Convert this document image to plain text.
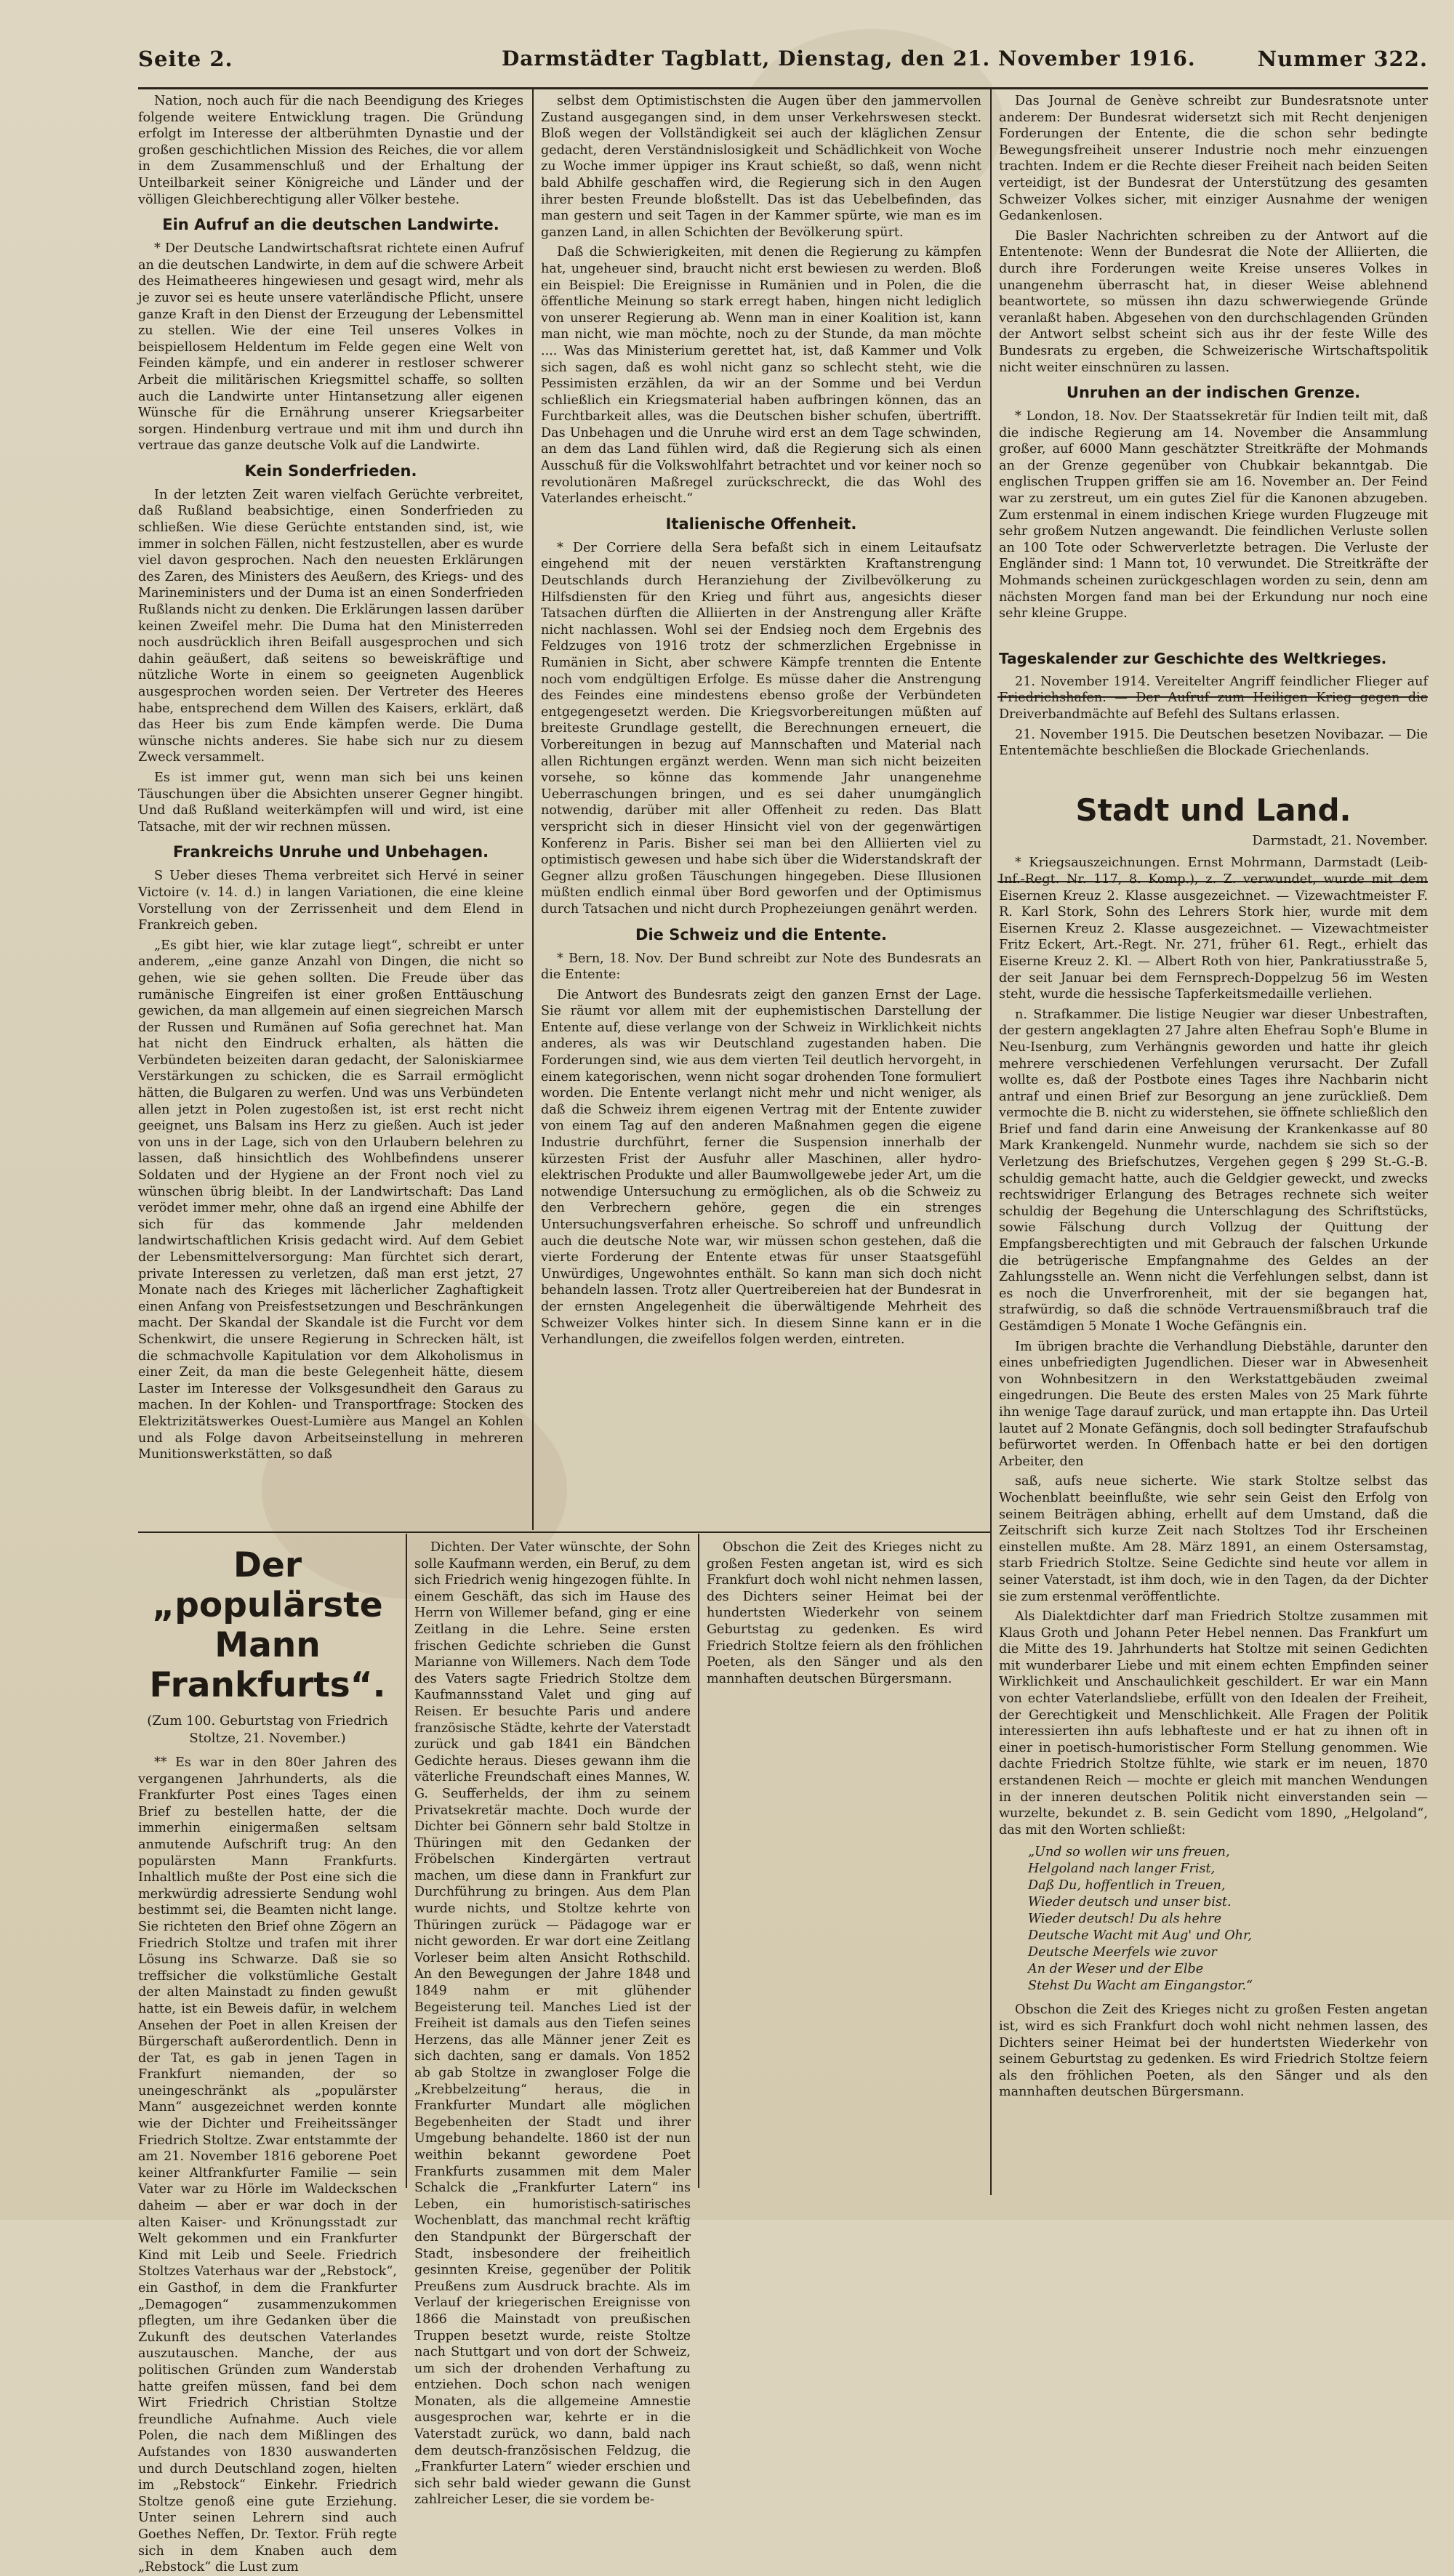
Seite 2.	Darmstädter Tagblatt, Dienstag, den 21. November 1916.	Nummer 322.

Nation, noch auch für die nach Beendigung des Krieges folgende weitere Entwicklung tragen. Die Gründung erfolgt im Interesse der altberühmten Dynastie und der großen geschichtlichen Mission des Reiches, die vor allem in dem Zusammenschluß und der Erhaltung der Unteilbarkeit seiner Königreiche und Länder und der völligen Gleichberechtigung aller Völker bestehe.

Ein Aufruf an die deutschen Landwirte.

* Der Deutsche Landwirtschaftsrat richtete einen Aufruf an die deutschen Landwirte, in dem auf die schwere Arbeit des Heimatheeres hingewiesen und gesagt wird, mehr als je zuvor sei es heute unsere vaterländische Pflicht, unsere ganze Kraft in den Dienst der Erzeugung der Lebensmittel zu stellen. Wie der eine Teil unseres Volkes in beispiellosem Heldentum im Felde gegen eine Welt von Feinden kämpfe, und ein anderer in restloser schwerer Arbeit die militärischen Kriegsmittel schaffe, so sollten auch die Landwirte unter Hintansetzung aller eigenen Wünsche für die Ernährung unserer Kriegsarbeiter sorgen. Hindenburg vertraue und mit ihm und durch ihn vertraue das ganze deutsche Volk auf die Landwirte.

Kein Sonderfrieden.

In der letzten Zeit waren vielfach Gerüchte verbreitet, daß Rußland beabsichtige, einen Sonderfrieden zu schließen. Wie diese Gerüchte entstanden sind, ist, wie immer in solchen Fällen, nicht festzustellen, aber es wurde viel davon gesprochen. Nach den neuesten Erklärungen des Zaren, des Ministers des Aeußern, des Kriegs- und des Marineministers und der Duma ist an einen Sonderfrieden Rußlands nicht zu denken. Die Erklärungen lassen darüber keinen Zweifel mehr. Die Duma hat den Ministerreden noch ausdrücklich ihren Beifall ausgesprochen und sich dahin geäußert, daß seitens so beweiskräftige und nützliche Worte in einem so geeigneten Augenblick ausgesprochen worden seien. Der Vertreter des Heeres habe, entsprechend dem Willen des Kaisers, erklärt, daß das Heer bis zum Ende kämpfen werde. Die Duma wünsche nichts anderes. Sie habe sich nur zu diesem Zweck versammelt.

Es ist immer gut, wenn man sich bei uns keinen Täuschungen über die Absichten unserer Gegner hingibt. Und daß Rußland weiterkämpfen will und wird, ist eine Tatsache, mit der wir rechnen müssen.

Frankreichs Unruhe und Unbehagen.

S Ueber dieses Thema verbreitet sich Hervé in seiner Victoire (v. 14. d.) in langen Variationen, die eine kleine Vorstellung von der Zerrissenheit und dem Elend in Frankreich geben.

„Es gibt hier, wie klar zutage liegt“, schreibt er unter anderem, „eine ganze Anzahl von Dingen, die nicht so gehen, wie sie gehen sollten. Die Freude über das rumänische Eingreifen ist einer großen Enttäuschung gewichen, da man allgemein auf einen siegreichen Marsch der Russen und Rumänen auf Sofia gerechnet hat. Man hat nicht den Eindruck erhalten, als hätten die Verbündeten beizeiten daran gedacht, der Saloniskiarmee Verstärkungen zu schicken, die es Sarrail ermöglicht hätten, die Bulgaren zu werfen. Und was uns Verbündeten allen jetzt in Polen zugestoßen ist, ist erst recht nicht geeignet, uns Balsam ins Herz zu gießen. Auch ist jeder von uns in der Lage, sich von den Urlaubern belehren zu lassen, daß hinsichtlich des Wohlbefindens unserer Soldaten und der Hygiene an der Front noch viel zu wünschen übrig bleibt. In der Landwirtschaft: Das Land verödet immer mehr, ohne daß an irgend eine Abhilfe der sich für das kommende Jahr meldenden landwirtschaftlichen Krisis gedacht wird. Auf dem Gebiet der Lebensmittelversorgung: Man fürchtet sich derart, private Interessen zu verletzen, daß man erst jetzt, 27 Monate nach des Krieges mit lächerlicher Zaghaftigkeit einen Anfang von Preisfestsetzungen und Beschränkungen macht. Der Skandal der Skandale ist die Furcht vor dem Schenkwirt, die unsere Regierung in Schrecken hält, ist die schmachvolle Kapitulation vor dem Alkoholismus in einer Zeit, da man die beste Gelegenheit hätte, diesem Laster im Interesse der Volksgesundheit den Garaus zu machen. In der Kohlen- und Transportfrage: Stocken des Elektrizitätswerkes Ouest-Lumière aus Mangel an Kohlen und als Folge davon Arbeitseinstellung in mehreren Munitionswerkstätten, so daß

selbst dem Optimistischsten die Augen über den jammervollen Zustand ausgegangen sind, in dem unser Verkehrswesen steckt. Bloß wegen der Vollständigkeit sei auch der kläglichen Zensur gedacht, deren Verständnislosigkeit und Schädlichkeit von Woche zu Woche immer üppiger ins Kraut schießt, so daß, wenn nicht bald Abhilfe geschaffen wird, die Regierung sich in den Augen ihrer besten Freunde bloßstellt. Das ist das Uebelbefinden, das man gestern und seit Tagen in der Kammer spürte, wie man es im ganzen Land, in allen Schichten der Bevölkerung spürt.

Daß die Schwierigkeiten, mit denen die Regierung zu kämpfen hat, ungeheuer sind, braucht nicht erst bewiesen zu werden. Bloß ein Beispiel: Die Ereignisse in Rumänien und in Polen, die die öffentliche Meinung so stark erregt haben, hingen nicht lediglich von unserer Regierung ab. Wenn man in einer Koalition ist, kann man nicht, wie man möchte, noch zu der Stunde, da man möchte .... Was das Ministerium gerettet hat, ist, daß Kammer und Volk sich sagen, daß es wohl nicht ganz so schlecht steht, wie die Pessimisten erzählen, da wir an der Somme und bei Verdun schließlich ein Kriegsmaterial haben aufbringen können, das an Furchtbarkeit alles, was die Deutschen bisher schufen, übertrifft. Das Unbehagen und die Unruhe wird erst an dem Tage schwinden, an dem das Land fühlen wird, daß die Regierung sich als einen Ausschuß für die Volkswohlfahrt betrachtet und vor keiner noch so revolutionären Maßregel zurückschreckt, die das Wohl des Vaterlandes erheischt.“

Italienische Offenheit.

* Der Corriere della Sera befaßt sich in einem Leitaufsatz eingehend mit der neuen verstärkten Kraftanstrengung Deutschlands durch Heranziehung der Zivilbevölkerung zu Hilfsdiensten für den Krieg und führt aus, angesichts dieser Tatsachen dürften die Alliierten in der Anstrengung aller Kräfte nicht nachlassen. Wohl sei der Endsieg noch dem Ergebnis des Feldzuges von 1916 trotz der schmerzlichen Ergebnisse in Rumänien in Sicht, aber schwere Kämpfe trennten die Entente noch vom endgültigen Erfolge. Es müsse daher die Anstrengung des Feindes eine mindestens ebenso große der Verbündeten entgegengesetzt werden. Die Kriegsvorbereitungen müßten auf breiteste Grundlage gestellt, die Berechnungen erneuert, die Vorbereitungen in bezug auf Mannschaften und Material nach allen Richtungen ergänzt werden. Wenn man sich nicht beizeiten vorsehe, so könne das kommende Jahr unangenehme Ueberraschungen bringen, und es sei daher unumgänglich notwendig, darüber mit aller Offenheit zu reden. Das Blatt verspricht sich in dieser Hinsicht viel von der gegenwärtigen Konferenz in Paris. Bisher sei man bei den Alliierten viel zu optimistisch gewesen und habe sich über die Widerstandskraft der Gegner allzu großen Täuschungen hingegeben. Diese Illusionen müßten endlich einmal über Bord geworfen und der Optimismus durch Tatsachen und nicht durch Prophezeiungen genährt werden.

Die Schweiz und die Entente.

* Bern, 18. Nov. Der Bund schreibt zur Note des Bundesrats an die Entente:

Die Antwort des Bundesrats zeigt den ganzen Ernst der Lage. Sie räumt vor allem mit der euphemistischen Darstellung der Entente auf, diese verlange von der Schweiz in Wirklichkeit nichts anderes, als was wir Deutschland zugestanden haben. Die Forderungen sind, wie aus dem vierten Teil deutlich hervorgeht, in einem kategorischen, wenn nicht sogar drohenden Tone formuliert worden. Die Entente verlangt nicht mehr und nicht weniger, als daß die Schweiz ihrem eigenen Vertrag mit der Entente zuwider von einem Tag auf den anderen Maßnahmen gegen die eigene Industrie durchführt, ferner die Suspension innerhalb der kürzesten Frist der Ausfuhr aller Maschinen, aller hydro-elektrischen Produkte und aller Baumwollgewebe jeder Art, um die notwendige Untersuchung zu ermöglichen, als ob die Schweiz zu den Verbrechern gehöre, gegen die ein strenges Untersuchungsverfahren erheische. So schroff und unfreundlich auch die deutsche Note war, wir müssen schon gestehen, daß die vierte Forderung der Entente etwas für unser Staatsgefühl Unwürdiges, Ungewohntes enthält. So kann man sich doch nicht behandeln lassen. Trotz aller Quertreibereien hat der Bundesrat in der ernsten Angelegenheit die überwältigende Mehrheit des Schweizer Volkes hinter sich. In diesem Sinne kann er in die Verhandlungen, die zweifellos folgen werden, eintreten.

Das Journal de Genève schreibt zur Bundesratsnote unter anderem: Der Bundesrat widersetzt sich mit Recht denjenigen Forderungen der Entente, die die schon sehr bedingte Bewegungsfreiheit unserer Industrie noch mehr einzuengen trachten. Indem er die Rechte dieser Freiheit nach beiden Seiten verteidigt, ist der Bundesrat der Unterstützung des gesamten Schweizer Volkes sicher, mit einziger Ausnahme der wenigen Gedankenlosen.

Die Basler Nachrichten schreiben zu der Antwort auf die Ententenote: Wenn der Bundesrat die Note der Alliierten, die durch ihre Forderungen weite Kreise unseres Volkes in unangenehm überrascht hat, in dieser Weise ablehnend beantwortete, so müssen ihn dazu schwerwiegende Gründe veranlaßt haben. Abgesehen von den durchschlagenden Gründen der Antwort selbst scheint sich aus ihr der feste Wille des Bundesrats zu ergeben, die Schweizerische Wirtschaftspolitik nicht weiter einschnüren zu lassen.

Unruhen an der indischen Grenze.

* London, 18. Nov. Der Staatssekretär für Indien teilt mit, daß die indische Regierung am 14. November die Ansammlung großer, auf 6000 Mann geschätzter Streitkräfte der Mohmands an der Grenze gegenüber von Chubkair bekanntgab. Die englischen Truppen griffen sie am 16. November an. Der Feind war zu zerstreut, um ein gutes Ziel für die Kanonen abzugeben. Zum erstenmal in einem indischen Kriege wurden Flugzeuge mit sehr großem Nutzen angewandt. Die feindlichen Verluste sollen an 100 Tote oder Schwerverletzte betragen. Die Verluste der Engländer sind: 1 Mann tot, 10 verwundet. Die Streitkräfte der Mohmands scheinen zurückgeschlagen worden zu sein, denn am nächsten Morgen fand man bei der Erkundung nur noch eine sehr kleine Gruppe.

Tageskalender zur Geschichte des Weltkrieges.

21. November 1914. Vereitelter Angriff feindlicher Flieger auf Friedrichshafen. — Der Aufruf zum Heiligen Krieg gegen die Dreiverbandmächte auf Befehl des Sultans erlassen.

21. November 1915. Die Deutschen besetzen Novibazar. — Die Ententemächte beschließen die Blockade Griechenlands.

Stadt und Land.
Darmstadt, 21. November.

* Kriegsauszeichnungen. Ernst Mohrmann, Darmstadt (Leib-Inf.-Regt. Nr. 117, 8. Komp.), z. Z. verwundet, wurde mit dem Eisernen Kreuz 2. Klasse ausgezeichnet. — Vizewachtmeister F. R. Karl Stork, Sohn des Lehrers Stork hier, wurde mit dem Eisernen Kreuz 2. Klasse ausgezeichnet. — Vizewachtmeister Fritz Eckert, Art.-Regt. Nr. 271, früher 61. Regt., erhielt das Eiserne Kreuz 2. Kl. — Albert Roth von hier, Pankratiusstraße 5, der seit Januar bei dem Fernsprech-Doppelzug 56 im Westen steht, wurde die hessische Tapferkeitsmedaille verliehen.

n. Strafkammer. Die listige Neugier war dieser Unbestraften, der gestern angeklagten 27 Jahre alten Ehefrau Soph'e Blume in Neu-Isenburg, zum Verhängnis geworden und hatte ihr gleich mehrere verschiedenen Verfehlungen verursacht. Der Zufall wollte es, daß der Postbote eines Tages ihre Nachbarin nicht antraf und einen Brief zur Besorgung an jene zurückließ. Dem vermochte die B. nicht zu widerstehen, sie öffnete schließlich den Brief und fand darin eine Anweisung der Krankenkasse auf 80 Mark Krankengeld. Nunmehr wurde, nachdem sie sich so der Verletzung des Briefschutzes, Vergehen gegen § 299 St.-G.-B. schuldig gemacht hatte, auch die Geldgier geweckt, und zwecks rechtswidriger Erlangung des Betrages rechnete sich weiter schuldig der Begehung die Unterschlagung des Schriftstücks, sowie Fälschung durch Vollzug der Quittung der Empfangsberechtigten und mit Gebrauch der falschen Urkunde die betrügerische Empfangnahme des Geldes an der Zahlungsstelle an. Wenn nicht die Verfehlungen selbst, dann ist es noch die Unverfrorenheit, mit der sie begangen hat, strafwürdig, so daß die schnöde Vertrauensmißbrauch traf die Gestämdigen 5 Monate 1 Woche Gefängnis ein.

Im übrigen brachte die Verhandlung Diebstähle, darunter den eines unbefriedigten Jugendlichen. Dieser war in Abwesenheit von Wohnbesitzern in den Werkstattgebäuden zweimal eingedrungen. Die Beute des ersten Males von 25 Mark führte ihn wenige Tage darauf zurück, und man ertappte ihn. Das Urteil lautet auf 2 Monate Gefängnis, doch soll bedingter Strafaufschub befürwortet werden. In Offenbach hatte er bei den dortigen Arbeiter, den

saß, aufs neue sicherte. Wie stark Stoltze selbst das Wochenblatt beeinflußte, wie sehr sein Geist den Erfolg von seinem Beiträgen abhing, erhellt auf dem Umstand, daß die Zeitschrift sich kurze Zeit nach Stoltzes Tod ihr Erscheinen einstellen mußte. Am 28. März 1891, an einem Ostersamstag, starb Friedrich Stoltze. Seine Gedichte sind heute vor allem in seiner Vaterstadt, ist ihm doch, wie in den Tagen, da der Dichter sie zum erstenmal veröffentlichte.

Als Dialektdichter darf man Friedrich Stoltze zusammen mit Klaus Groth und Johann Peter Hebel nennen. Das Frankfurt um die Mitte des 19. Jahrhunderts hat Stoltze mit seinen Gedichten mit wunderbarer Liebe und mit einem echten Empfinden seiner Wirklichkeit und Anschaulichkeit geschildert. Er war ein Mann von echter Vaterlandsliebe, erfüllt von den Idealen der Freiheit, der Gerechtigkeit und Menschlichkeit. Alle Fragen der Politik interessierten ihn aufs lebhafteste und er hat zu ihnen oft in einer in poetisch-humoristischer Form Stellung genommen. Wie dachte Friedrich Stoltze fühlte, wie stark er im neuen, 1870 erstandenen Reich — mochte er gleich mit manchen Wendungen in der inneren deutschen Politik nicht einverstanden sein — wurzelte, bekundet z. B. sein Gedicht vom 1890, „Helgoland“, das mit den Worten schließt:

„Und so wollen wir uns freuen,
Helgoland nach langer Frist,
Daß Du, hoffentlich in Treuen,
Wieder deutsch und unser bist.
Wieder deutsch! Du als hehre
Deutsche Wacht mit Aug' und Ohr,
Deutsche Meerfels wie zuvor
An der Weser und der Elbe
Stehst Du Wacht am Eingangstor.“

Obschon die Zeit des Krieges nicht zu großen Festen angetan ist, wird es sich Frankfurt doch wohl nicht nehmen lassen, des Dichters seiner Heimat bei der hundertsten Wiederkehr von seinem Geburtstag zu gedenken. Es wird Friedrich Stoltze feiern als den fröhlichen Poeten, als den Sänger und als den mannhaften deutschen Bürgersmann.

Der „populärste Mann Frankfurts“.
(Zum 100. Geburtstag von Friedrich Stoltze, 21. November.)

** Es war in den 80er Jahren des vergangenen Jahrhunderts, als die Frankfurter Post eines Tages einen Brief zu bestellen hatte, der die immerhin einigermaßen seltsam anmutende Aufschrift trug: An den populärsten Mann Frankfurts. Inhaltlich mußte der Post eine sich die merkwürdig adressierte Sendung wohl bestimmt sei, die Beamten nicht lange. Sie richteten den Brief ohne Zögern an Friedrich Stoltze und trafen mit ihrer Lösung ins Schwarze. Daß sie so treffsicher die volkstümliche Gestalt der alten Mainstadt zu finden gewußt hatte, ist ein Beweis dafür, in welchem Ansehen der Poet in allen Kreisen der Bürgerschaft außerordentlich. Denn in der Tat, es gab in jenen Tagen in Frankfurt niemanden, der so uneingeschränkt als „populärster Mann“ ausgezeichnet werden konnte wie der Dichter und Freiheitssänger Friedrich Stoltze. Zwar entstammte der am 21. November 1816 geborene Poet keiner Altfrankfurter Familie — sein Vater war zu Hörle im Waldeckschen daheim — aber er war doch in der alten Kaiser- und Krönungsstadt zur Welt gekommen und ein Frankfurter Kind mit Leib und Seele. Friedrich Stoltzes Vaterhaus war der „Rebstock“, ein Gasthof, in dem die Frankfurter „Demagogen“ zusammenzukommen pflegten, um ihre Gedanken über die Zukunft des deutschen Vaterlandes auszutauschen. Manche, der aus politischen Gründen zum Wanderstab hatte greifen müssen, fand bei dem Wirt Friedrich Christian Stoltze freundliche Aufnahme. Auch viele Polen, die nach dem Mißlingen des Aufstandes von 1830 auswanderten und durch Deutschland zogen, hielten im „Rebstock“ Einkehr. Friedrich Stoltze genoß eine gute Erziehung. Unter seinen Lehrern sind auch Goethes Neffen, Dr. Textor. Früh regte sich in dem Knaben auch dem „Rebstock“ die Lust zum

Dichten. Der Vater wünschte, der Sohn solle Kaufmann werden, ein Beruf, zu dem sich Friedrich wenig hingezogen fühlte. In einem Geschäft, das sich im Hause des Herrn von Willemer befand, ging er eine Zeitlang in die Lehre. Seine ersten frischen Gedichte schrieben die Gunst Marianne von Willemers. Nach dem Tode des Vaters sagte Friedrich Stoltze dem Kaufmannsstand Valet und ging auf Reisen. Er besuchte Paris und andere französische Städte, kehrte der Vaterstadt zurück und gab 1841 ein Bändchen Gedichte heraus. Dieses gewann ihm die väterliche Freundschaft eines Mannes, W. G. Seufferhelds, der ihm zu seinem Privatsekretär machte. Doch wurde der Dichter bei Gönnern sehr bald Stoltze in Thüringen mit den Gedanken der Fröbelschen Kindergärten vertraut machen, um diese dann in Frankfurt zur Durchführung zu bringen. Aus dem Plan wurde nichts, und Stoltze kehrte von Thüringen zurück — Pädagoge war er nicht geworden. Er war dort eine Zeitlang Vorleser beim alten Ansicht Rothschild. An den Bewegungen der Jahre 1848 und 1849 nahm er mit glühender Begeisterung teil. Manches Lied ist der Freiheit ist damals aus den Tiefen seines Herzens, das alle Männer jener Zeit es sich dachten, sang er damals. Von 1852 ab gab Stoltze in zwangloser Folge die „Krebbelzeitung“ heraus, die in Frankfurter Mundart alle möglichen Begebenheiten der Stadt und ihrer Umgebung behandelte. 1860 ist der nun weithin bekannt gewordene Poet Frankfurts zusammen mit dem Maler Schalck die „Frankfurter Latern“ ins Leben, ein humoristisch-satirisches Wochenblatt, das manchmal recht kräftig den Standpunkt der Bürgerschaft der Stadt, insbesondere der freiheitlich gesinnten Kreise, gegenüber der Politik Preußens zum Ausdruck brachte. Als im Verlauf der kriegerischen Ereignisse von 1866 die Mainstadt von preußischen Truppen besetzt wurde, reiste Stoltze nach Stuttgart und von dort der Schweiz, um sich der drohenden Verhaftung zu entziehen. Doch schon nach wenigen Monaten, als die allgemeine Amnestie ausgesprochen war, kehrte er in die Vaterstadt zurück, wo dann, bald nach dem deutsch-französischen Feldzug, die „Frankfurter Latern“ wieder erschien und sich sehr bald wieder gewann die Gunst zahlreicher Leser, die sie vordem be-

Obschon die Zeit des Krieges nicht zu großen Festen angetan ist, wird es sich Frankfurt doch wohl nicht nehmen lassen, des Dichters seiner Heimat bei der hundertsten Wiederkehr von seinem Geburtstag zu gedenken. Es wird Friedrich Stoltze feiern als den fröhlichen Poeten, als den Sänger und als den mannhaften deutschen Bürgersmann.
